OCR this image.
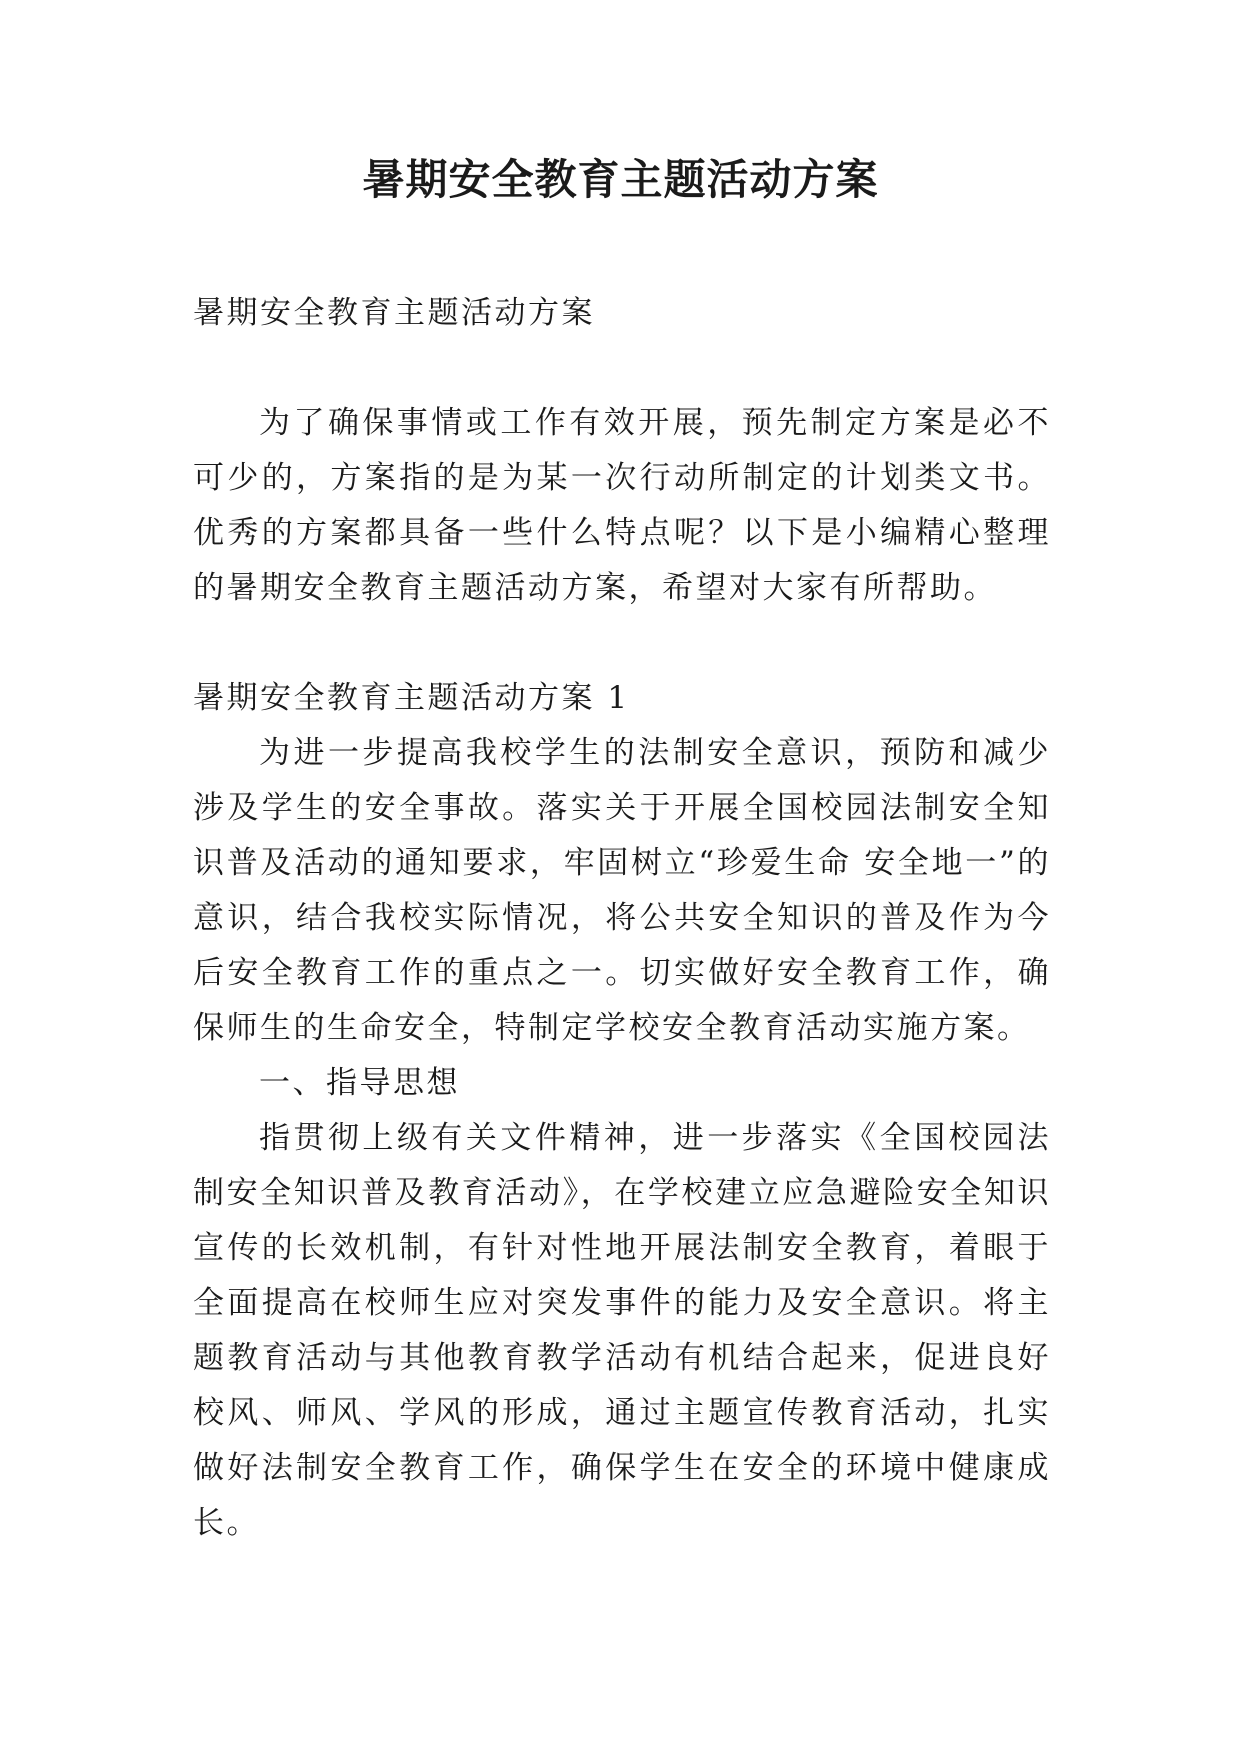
暑期安全教育主题活动方案

暑期安全教育主题活动方案

为了确保事情或工作有效开展，预先制定方案是必不可少的，方案指的是为某一次行动所制定的计划类文书。优秀的方案都具备一些什么特点呢？以下是小编精心整理的暑期安全教育主题活动方案，希望对大家有所帮助。

暑期安全教育主题活动方案 1

为进一步提高我校学生的法制安全意识，预防和减少涉及学生的安全事故。落实关于开展全国校园法制安全知识普及活动的通知要求，牢固树立“珍爱生命 安全地一”的意识，结合我校实际情况，将公共安全知识的普及作为今后安全教育工作的重点之一。切实做好安全教育工作，确保师生的生命安全，特制定学校安全教育活动实施方案。

一、指导思想

指贯彻上级有关文件精神，进一步落实《全国校园法制安全知识普及教育活动》，在学校建立应急避险安全知识宣传的长效机制，有针对性地开展法制安全教育，着眼于全面提高在校师生应对突发事件的能力及安全意识。将主题教育活动与其他教育教学活动有机结合起来，促进良好校风、师风、学风的形成，通过主题宣传教育活动，扎实做好法制安全教育工作，确保学生在安全的环境中健康成长。
